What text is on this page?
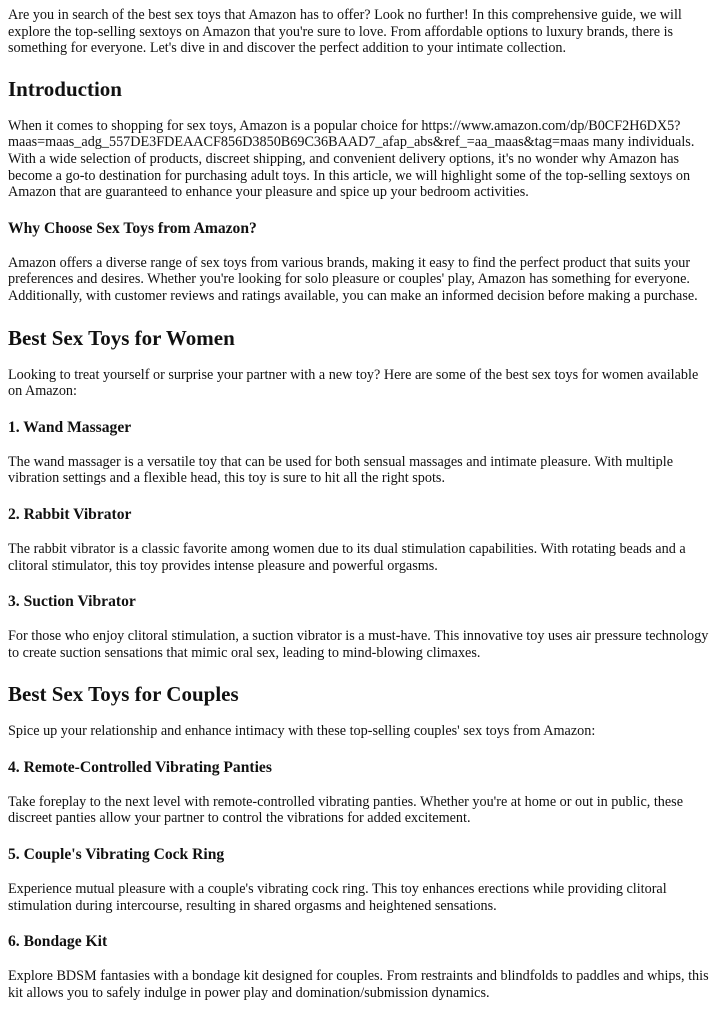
Are you in search of the best sex toys that Amazon has to offer? Look no further! In this comprehensive guide, we will explore the top-selling sextoys on Amazon that you're sure to love. From affordable options to luxury brands, there is something for everyone. Let's dive in and discover the perfect addition to your intimate collection.

Introduction

When it comes to shopping for sex toys, Amazon is a popular choice for https://www.amazon.com/dp/B0CF2H6DX5?maas=maas_adg_557DE3FDEAACF856D3850B69C36BAAD7_afap_abs&ref_=aa_maas&tag=maas many individuals. With a wide selection of products, discreet shipping, and convenient delivery options, it's no wonder why Amazon has become a go-to destination for purchasing adult toys. In this article, we will highlight some of the top-selling sextoys on Amazon that are guaranteed to enhance your pleasure and spice up your bedroom activities.

Why Choose Sex Toys from Amazon?

Amazon offers a diverse range of sex toys from various brands, making it easy to find the perfect product that suits your preferences and desires. Whether you're looking for solo pleasure or couples' play, Amazon has something for everyone. Additionally, with customer reviews and ratings available, you can make an informed decision before making a purchase.

Best Sex Toys for Women

Looking to treat yourself or surprise your partner with a new toy? Here are some of the best sex toys for women available on Amazon:

1. Wand Massager

The wand massager is a versatile toy that can be used for both sensual massages and intimate pleasure. With multiple vibration settings and a flexible head, this toy is sure to hit all the right spots.

2. Rabbit Vibrator

The rabbit vibrator is a classic favorite among women due to its dual stimulation capabilities. With rotating beads and a clitoral stimulator, this toy provides intense pleasure and powerful orgasms.

3. Suction Vibrator

For those who enjoy clitoral stimulation, a suction vibrator is a must-have. This innovative toy uses air pressure technology to create suction sensations that mimic oral sex, leading to mind-blowing climaxes.

Best Sex Toys for Couples

Spice up your relationship and enhance intimacy with these top-selling couples' sex toys from Amazon:

4. Remote-Controlled Vibrating Panties

Take foreplay to the next level with remote-controlled vibrating panties. Whether you're at home or out in public, these discreet panties allow your partner to control the vibrations for added excitement.

5. Couple's Vibrating Cock Ring

Experience mutual pleasure with a couple's vibrating cock ring. This toy enhances erections while providing clitoral stimulation during intercourse, resulting in shared orgasms and heightened sensations.

6. Bondage Kit

Explore BDSM fantasies with a bondage kit designed for couples. From restraints and blindfolds to paddles and whips, this kit allows you to safely indulge in power play and domination/submission dynamics.
